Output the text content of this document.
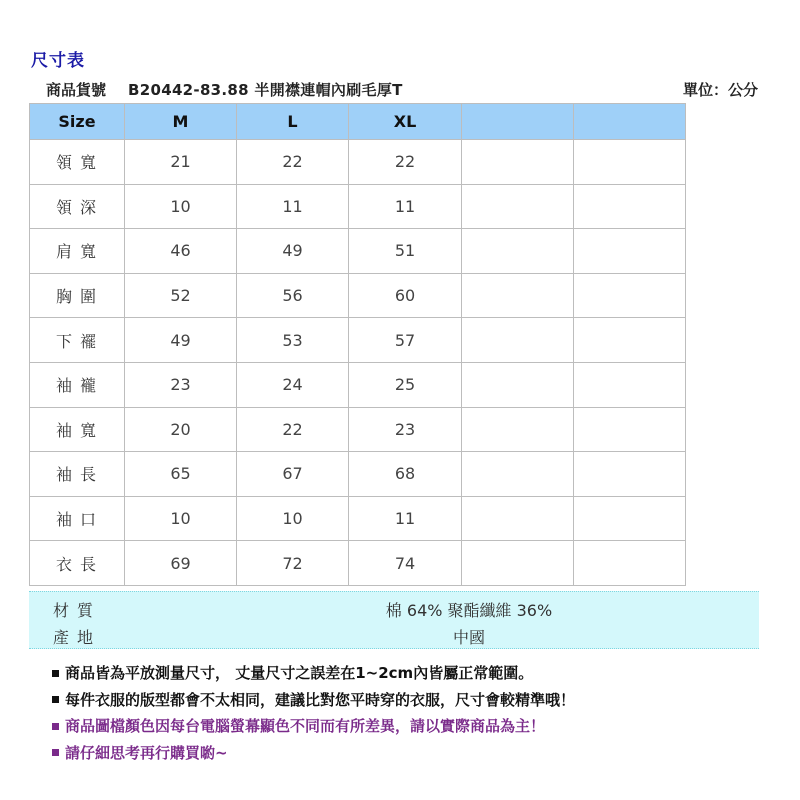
尺寸表
商品貨號 B20442-83.88 半開襟連帽內刷毛厚T	單位：公分
Size	M	L	XL		
領寬	21	22	22		
領深	10	11	11		
肩寬	46	49	51		
胸圍	52	56	60		
下襬	49	53	57		
袖襱	23	24	25		
袖寬	20	22	23		
袖長	65	67	68		
袖口	10	10	11		
衣長	69	72	74		
材質	棉 64% 聚酯纖維 36%
產地	中國
商品皆為平放測量尺寸， 丈量尺寸之誤差在1~2cm內皆屬正常範圍。
每件衣服的版型都會不太相同，建議比對您平時穿的衣服，尺寸會較精準哦！
商品圖檔顏色因每台電腦螢幕顯色不同而有所差異，請以實際商品為主！
請仔細思考再行購買喲~
